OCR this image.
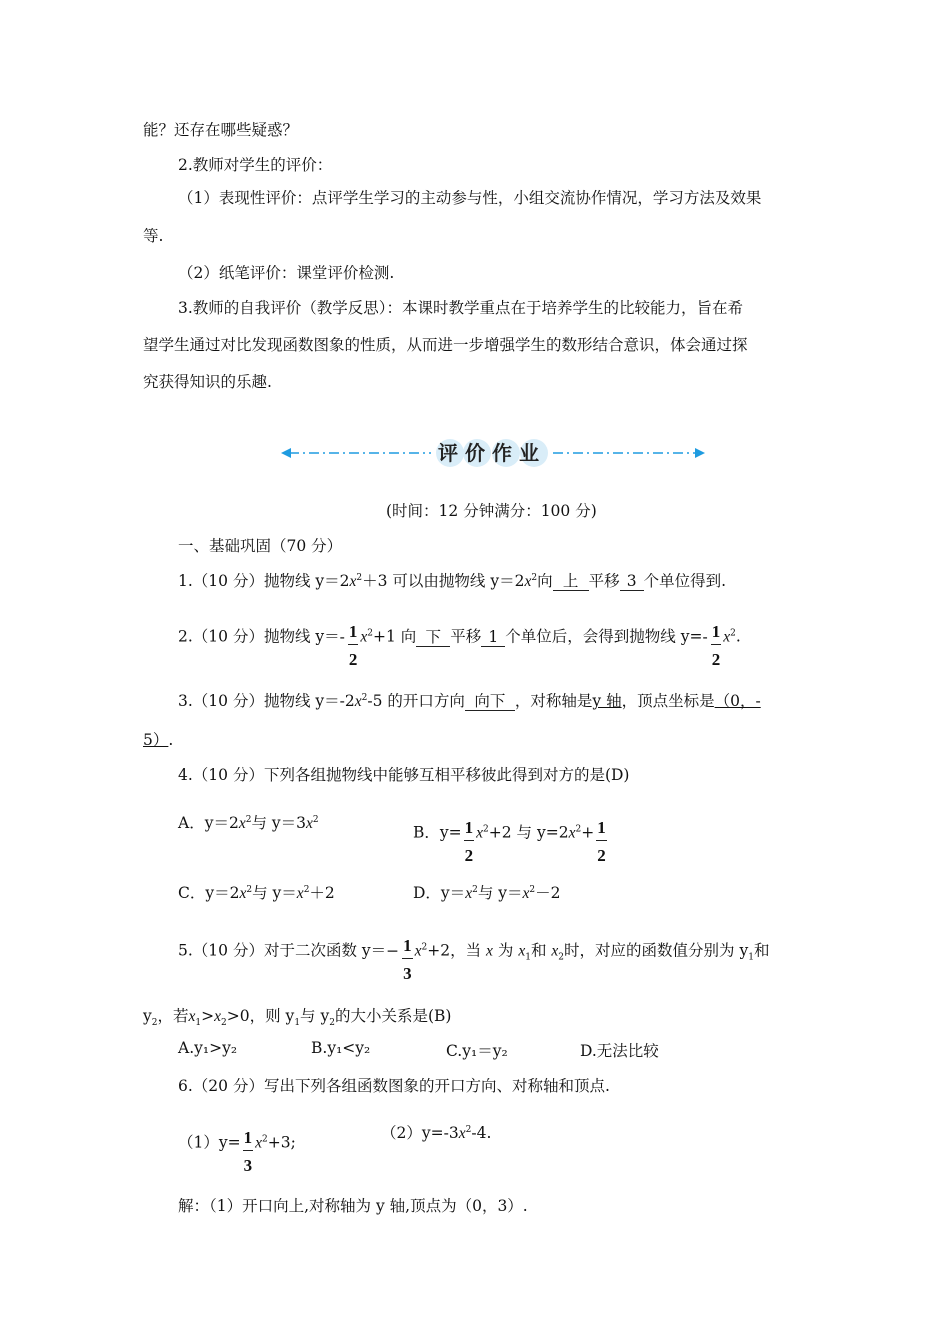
能？还存在哪些疑惑？
2.教师对学生的评价：
（1）表现性评价：点评学生学习的主动参与性，小组交流协作情况，学习方法及效果
等.
（2）纸笔评价：课堂评价检测.
3.教师的自我评价（教学反思）：本课时教学重点在于培养学生的比较能力，旨在希
望学生通过对比发现函数图象的性质，从而进一步增强学生的数形结合意识，体会通过探
究获得知识的乐趣.
评价作业
(时间：12 分钟满分：100 分)
一、基础巩固（70 分）
1.（10 分）抛物线 $y=2x^2+3$ 可以由抛物线 $y=2x^2$向 上 平移 3 个单位得到.
2.（10 分）抛物线 $y=- \frac{1}{2} x^2+1$ 向 下 平移 1 个单位后，会得到抛物线 $y=- \frac{1}{2} x^2$.
3.（10 分）抛物线 $y=-2x^2-5$ 的开口方向 向下 ，对称轴是y 轴，顶点坐标是（0，-
5）.
4.（10 分）下列各组抛物线中能够互相平移彼此得到对方的是(D)
A．$y=2x^2$与 $y=3x^2$
B．$y= \frac{1}{2} x^2+2$ 与 $y=2x^2+ \frac{1}{2}$
C．$y=2x^2$与 $y=x^2+2$	D．$y=x^2$与 $y=x^2-2$
5.（10 分）对于二次函数 $y=- \frac{1}{3} x^2+2$，当 x 为 $x_1$和 $x_2$时，对应的函数值分别为 $y_1$和
$y_2$，若$x_1>x_2>0$，则 $y_1$与 $y_2$的大小关系是(B)
A.y₁>y₂	B.y₁<y₂	C.y₁＝y₂	D.无法比较
6.（20 分）写出下列各组函数图象的开口方向、对称轴和顶点.
$(1)y= \frac{1}{3} x^2+3$;
$(2)y=-3x^2-4$.
解：（1）开口向上,对称轴为 y 轴,顶点为（0，3）.
